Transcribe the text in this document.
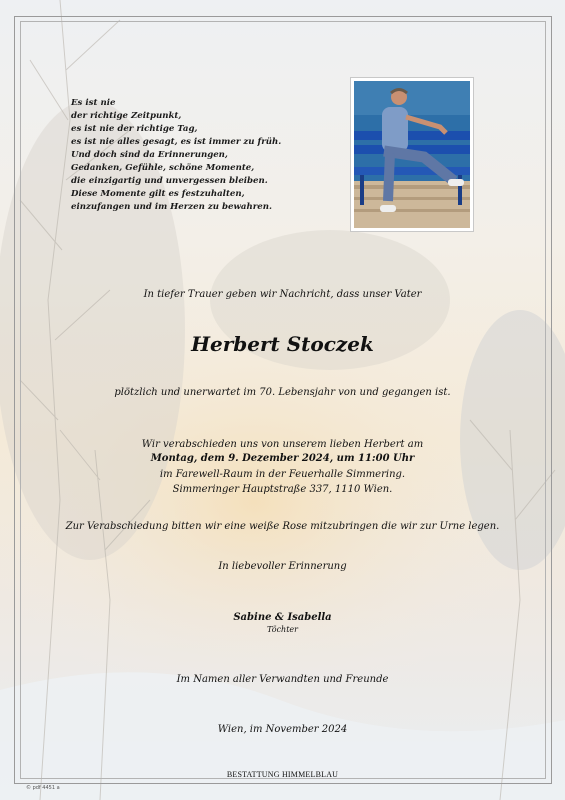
Es ist nie
der richtige Zeitpunkt,
es ist nie der richtige Tag,
es ist nie alles gesagt, es ist immer zu früh.
Und doch sind da Erinnerungen,
Gedanken, Gefühle, schöne Momente,
die einzigartig und unvergessen bleiben.
Diese Momente gilt es festzuhalten,
einzufangen und im Herzen zu bewahren.
In tiefer Trauer geben wir Nachricht, dass unser Vater
Herbert Stoczek
plötzlich und unerwartet im 70. Lebensjahr von und gegangen ist.
Wir verabschieden uns von unserem lieben Herbert am
Montag, dem 9. Dezember 2024, um 11:00 Uhr
im Farewell-Raum in der Feuerhalle Simmering.
Simmeringer Hauptstraße 337, 1110 Wien.
Zur Verabschiedung bitten wir eine weiße Rose mitzubringen die wir zur Urne legen.
In liebevoller Erinnerung
Sabine & Isabella
Töchter
Im Namen aller Verwandten und Freunde
Wien, im November 2024
BESTATTUNG HIMMELBLAU
© pdf 4451 a
